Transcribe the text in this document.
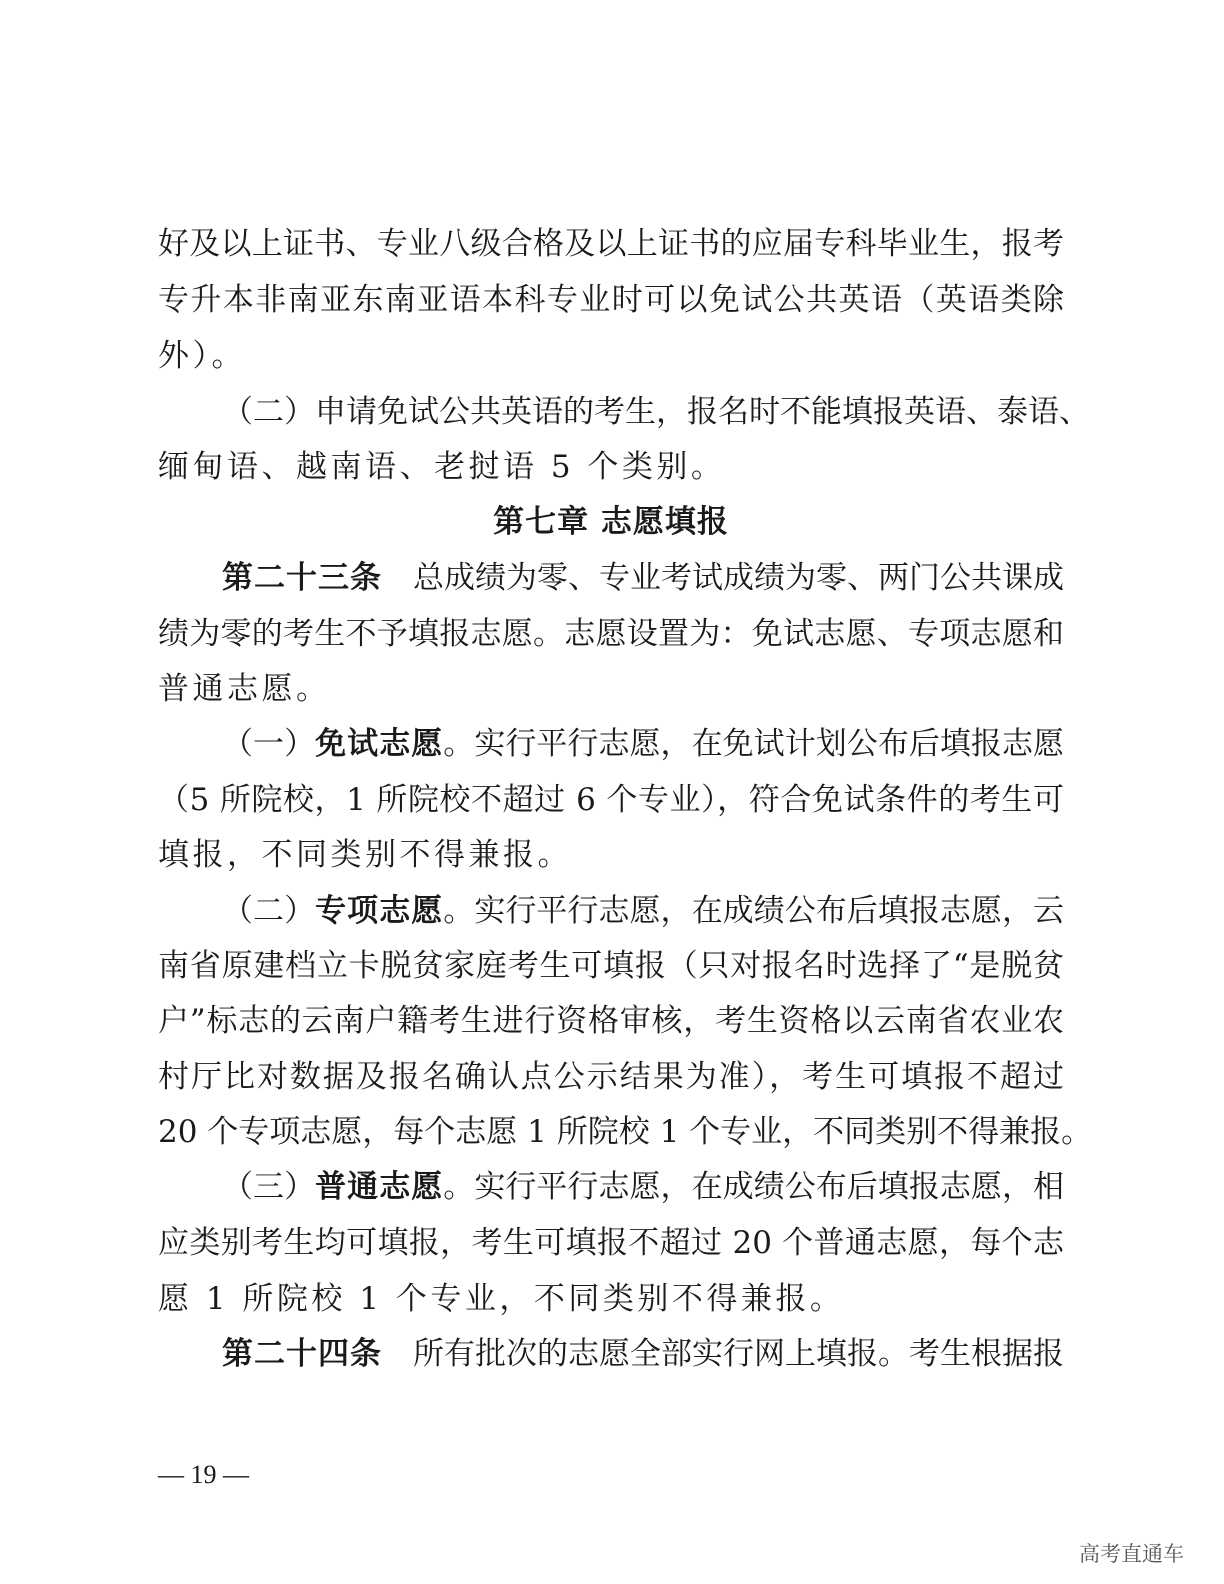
好及以上证书、专业八级合格及以上证书的应届专科毕业生，报考
专升本非南亚东南亚语本科专业时可以免试公共英语（英语类除
外）。
（二）申请免试公共英语的考生，报名时不能填报英语、泰语、
缅甸语、越南语、老挝语 5 个类别。
第七章 志愿填报
第二十三条　 总成绩为零、专业考试成绩为零、两门公共课成
绩为零的考生不予填报志愿。志愿设置为：免试志愿、专项志愿和
普通志愿。
（一）免试志愿。实行平行志愿，在免试计划公布后填报志愿
（5 所院校，1 所院校不超过 6 个专业），符合免试条件的考生可
填报，不同类别不得兼报。
（二）专项志愿。实行平行志愿，在成绩公布后填报志愿，云
南省原建档立卡脱贫家庭考生可填报（只对报名时选择了“是脱贫
户”标志的云南户籍考生进行资格审核，考生资格以云南省农业农
村厅比对数据及报名确认点公示结果为准），考生可填报不超过
20 个专项志愿，每个志愿 1 所院校 1 个专业，不同类别不得兼报。
（三）普通志愿。实行平行志愿，在成绩公布后填报志愿，相
应类别考生均可填报，考生可填报不超过 20 个普通志愿，每个志
愿 1 所院校 1 个专业，不同类别不得兼报。
第二十四条　 所有批次的志愿全部实行网上填报。考生根据报
— 19 —
高考直通车
